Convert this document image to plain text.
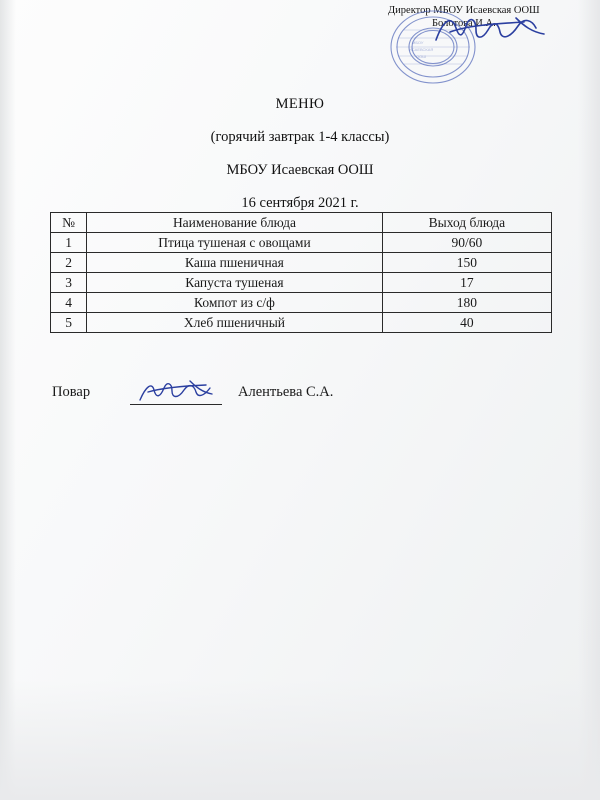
Директор МБОУ Исаевская ООШ
Болотова И.А.
МБОУ
ИСАЕВСКАЯ
ООШ
МЕНЮ
(горячий завтрак 1-4 классы)
МБОУ Исаевская ООШ
16 сентября 2021 г.
№	Наименование блюда	Выход блюда
1	Птица тушеная с овощами	90/60
2	Каша пшеничная	150
3	Капуста тушеная	17
4	Компот из с/ф	180
5	Хлеб пшеничный	40
Повар	Алентьева С.А.
